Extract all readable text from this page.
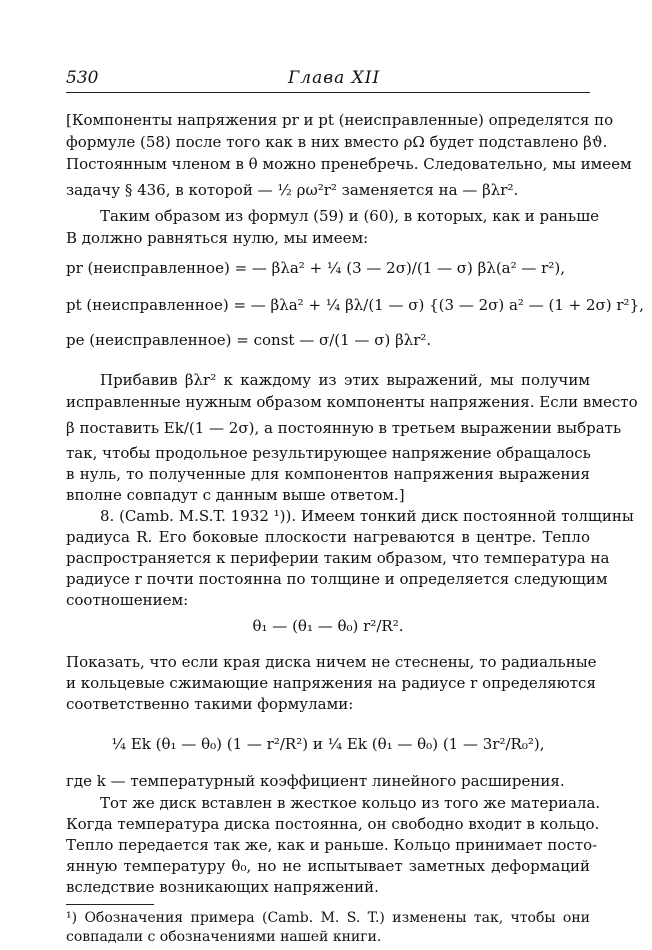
530	Глава XII
[Компоненты напряжения pr и pt (неисправленные) определятся по
формуле (58) после того как в них вместо ρΩ будет подставлено βϑ.
Постоянным членом в θ можно пренебречь. Следовательно, мы имеем
задачу § 436, в которой — ½ ρω²r² заменяется на — βλr².
Таким образом из формул (59) и (60), в которых, как и раньше
B должно равняться нулю, мы имеем:
pr (неисправленное) = — βλa² + ¼ (3 — 2σ)/(1 — σ) βλ(a² — r²),
pt (неисправленное) = — βλa² + ¼ βλ/(1 — σ) {(3 — 2σ) a² — (1 + 2σ) r²},
pe (неисправленное) = const — σ/(1 — σ) βλr².
Прибавив βλr² к каждому из этих выражений, мы получим
исправленные нужным образом компоненты напряжения. Если вместо
β поставить Ek/(1 — 2σ), а постоянную в третьем выражении выбрать
так, чтобы продольное результирующее напряжение обращалось
в нуль, то полученные для компонентов напряжения выражения
вполне совпадут с данным выше ответом.]
8. (Camb. M.S.T. 1932 ¹)). Имеем тонкий диск постоянной толщины
радиуса R. Его боковые плоскости нагреваются в центре. Тепло
распространяется к периферии таким образом, что температура на
радиусе r почти постоянна по толщине и определяется следующим
соотношением:
θ₁ — (θ₁ — θ₀) r²/R².
Показать, что если края диска ничем не стеснены, то радиальные
и кольцевые сжимающие напряжения на радиусе r определяются
соответственно такими формулами:
¼ Ek (θ₁ — θ₀) (1 — r²/R²) и ¼ Ek (θ₁ — θ₀) (1 — 3r²/R₀²),
где k — температурный коэффициент линейного расширения.
Тот же диск вставлен в жесткое кольцо из того же материала.
Когда температура диска постоянна, он свободно входит в кольцо.
Тепло передается так же, как и раньше. Кольцо принимает посто-
янную температуру θ₀, но не испытывает заметных деформаций
вследствие возникающих напряжений.
¹) Обозначения примера (Camb. M. S. T.) изменены так, чтобы они
совпадали с обозначениями нашей книги.
